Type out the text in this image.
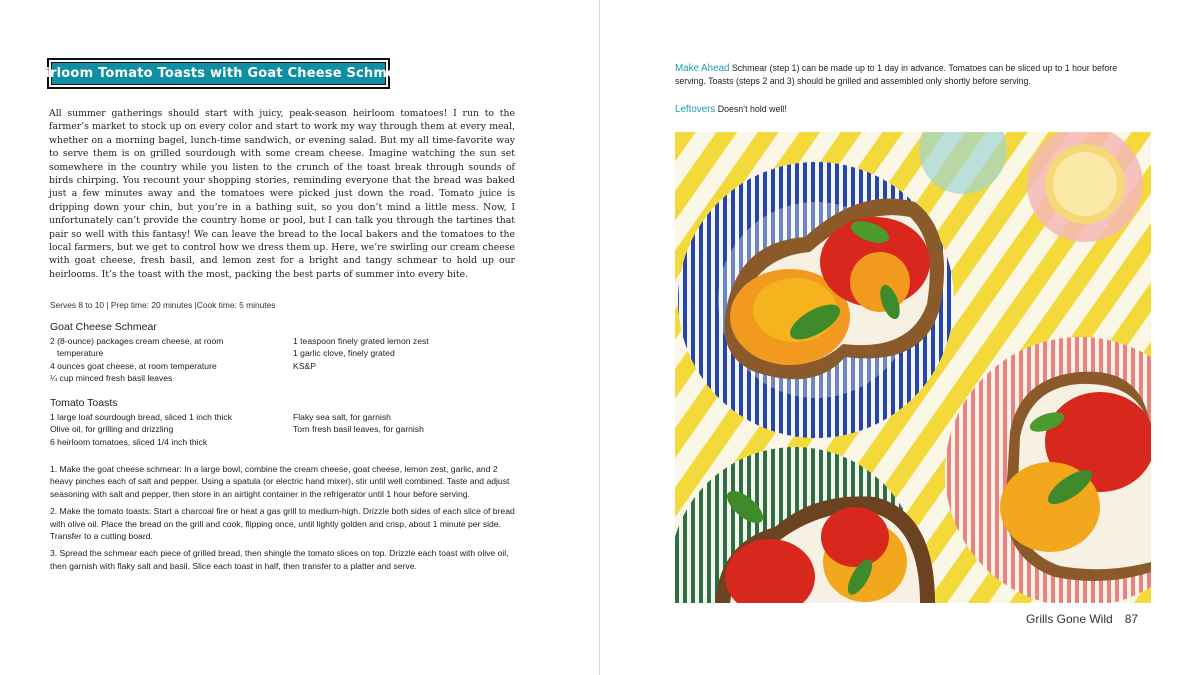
Heirloom Tomato Toasts with Goat Cheese Schmear
All summer gatherings should start with juicy, peak-season heirloom tomatoes! I run to the farmer’s market to stock up on every color and start to work my way through them at every meal, whether on a morning bagel, lunch-time sandwich, or evening salad. But my all time-favorite way to serve them is on grilled sourdough with some cream cheese. Imagine watching the sun set somewhere in the country while you listen to the crunch of the toast break through sounds of birds chirping. You recount your shopping stories, reminding everyone that the bread was baked just a few minutes away and the tomatoes were picked just down the road. Tomato juice is dripping down your chin, but you’re in a bathing suit, so you don’t mind a little mess. Now, I unfortunately can’t provide the country home or pool, but I can talk you through the tartines that pair so well with this fantasy! We can leave the bread to the local bakers and the tomatoes to the local farmers, but we get to control how we dress them up. Here, we’re swirling our cream cheese with goat cheese, fresh basil, and lemon zest for a bright and tangy schmear to hold up our heirlooms. It’s the toast with the most, packing the best parts of summer into every bite.
Serves 8 to 10 | Prep time: 20 minutes |Cook time: 5 minutes
Goat Cheese Schmear
2 (8-ounce) packages cream cheese, at room
temperature
4 ounces goat cheese, at room temperature
¼ cup minced fresh basil leaves
1 teaspoon finely grated lemon zest
1 garlic clove, finely grated
KS&P
Tomato Toasts
1 large loaf sourdough bread, sliced 1 inch thick
Olive oil, for grilling and drizzling
6 heirloom tomatoes, sliced 1/4 inch thick
Flaky sea salt, for garnish
Torn fresh basil leaves, for garnish

1. Make the goat cheese schmear: In a large bowl, combine the cream cheese, goat cheese, lemon zest, garlic, and 2 heavy pinches each of salt and pepper. Using a spatula (or electric hand mixer), stir until well combined. Taste and adjust seasoning with salt and pepper, then store in an airtight container in the refrigerator until 1 hour before serving.

2. Make the tomato toasts: Start a charcoal fire or heat a gas grill to medium-high. Drizzle both sides of each slice of bread with olive oil. Place the bread on the grill and cook, flipping once, until lightly golden and crisp, about 1 minute per side. Transfer to a cutting board.

3. Spread the schmear each piece of grilled bread, then shingle the tomato slices on top. Drizzle each toast with olive oil, then garnish with flaky salt and basil. Slice each toast in half, then transfer to a platter and serve.

Make Ahead Schmear (step 1) can be made up to 1 day in advance. Tomatoes can be sliced up to 1 hour before serving. Toasts (steps 2 and 3) should be grilled and assembled only shortly before serving.
Leftovers Doesn’t hold well!
Grills Gone Wild 87
